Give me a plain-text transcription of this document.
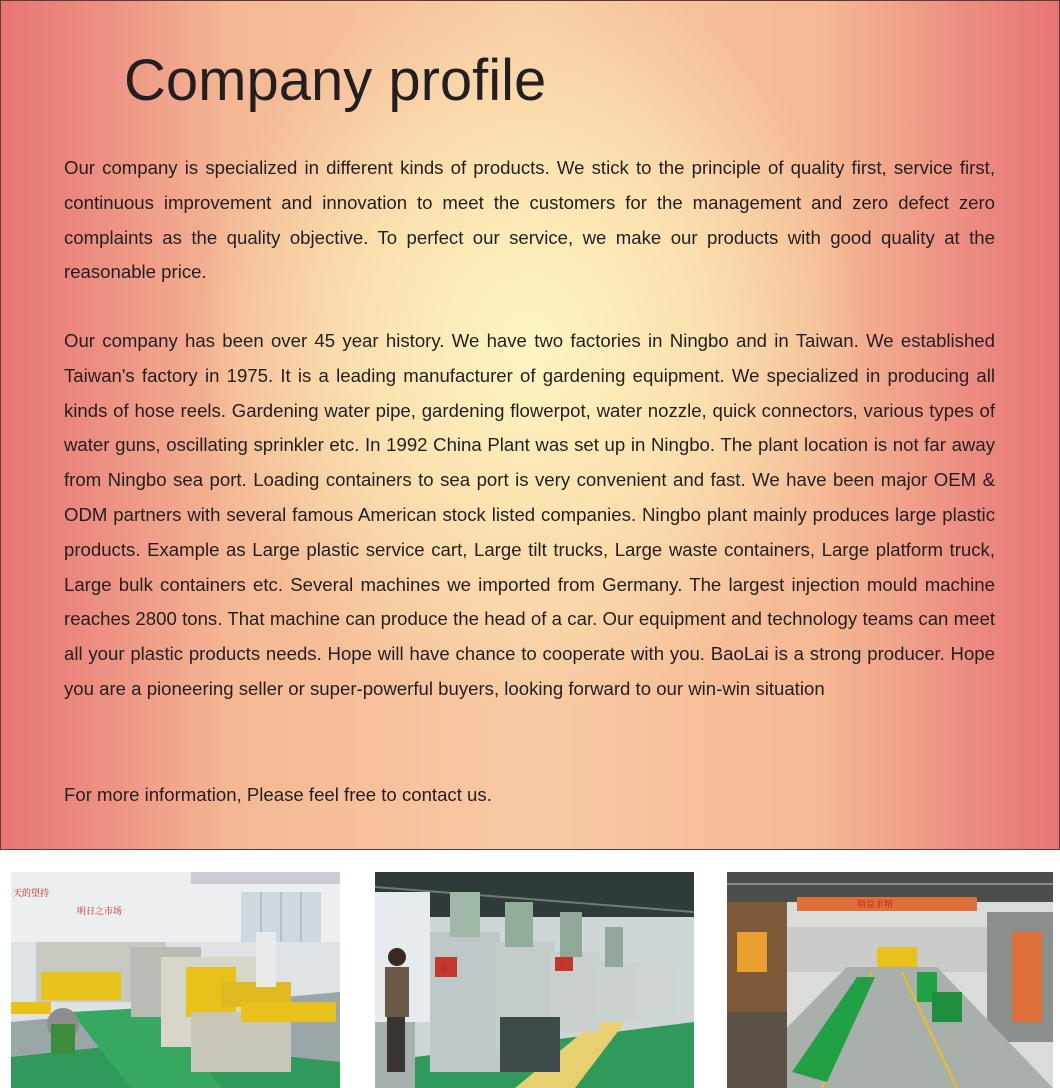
Company profile

Our company is specialized in different kinds of products. We stick to the principle of quality first, service first, continuous improvement and innovation to meet the customers for the management and zero defect zero complaints as the quality objective. To perfect our service, we make our products with good quality at the reasonable price.

Our company has been over 45 year history. We have two factories in Ningbo and in Taiwan. We established Taiwan's factory in 1975. It is a leading manufacturer of gardening equipment. We specialized in producing all kinds of hose reels. Gardening water pipe, gardening flowerpot, water nozzle, quick connectors, various types of water guns, oscillating sprinkler etc. In 1992 China Plant was set up in Ningbo. The plant location is not far away from Ningbo sea port. Loading containers to sea port is very convenient and fast. We have been major OEM & ODM partners with several famous American stock listed companies. Ningbo plant mainly produces large plastic products. Example as Large plastic service cart, Large tilt trucks, Large waste containers, Large platform truck, Large bulk containers etc. Several machines we imported from Germany. The largest injection mould machine reaches 2800 tons. That machine can produce the head of a car. Our equipment and technology teams can meet all your plastic products needs. Hope will have chance to cooperate with you. BaoLai is a strong producer. Hope you are a pioneering seller or super-powerful buyers, looking forward to our win-win situation

For more information, Please feel free to contact us.

天的望持
明日之市场
6	7
精益求精
